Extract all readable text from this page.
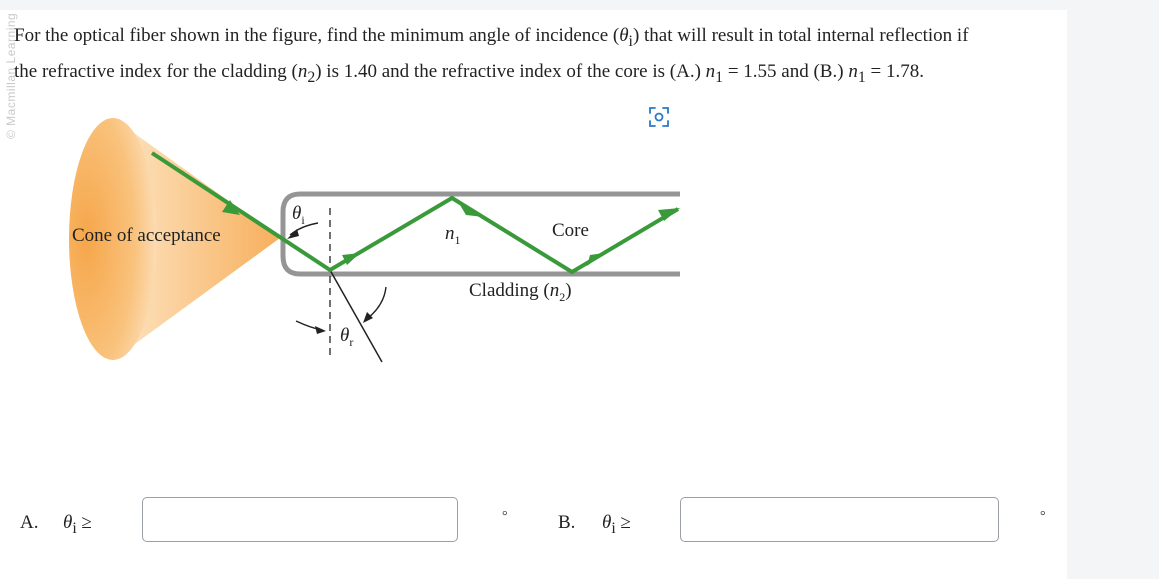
© Macmillan Learning
For the optical fiber shown in the figure, find the minimum angle of incidence $(\theta_i)$ that will result in total internal reflection if
the refractive index for the cladding $(n_2)$ is 1.40 and the refractive index of the core is (A.) $n_1 = 1.55$ and (B.) $n_1 = 1.78$.
Cone of acceptance
$\theta_i$
$\theta_r$
$n_1$	Core
Cladding $(n_2)$
A. $\theta_i$ ≥	°	B. $\theta_i$ ≥	°
